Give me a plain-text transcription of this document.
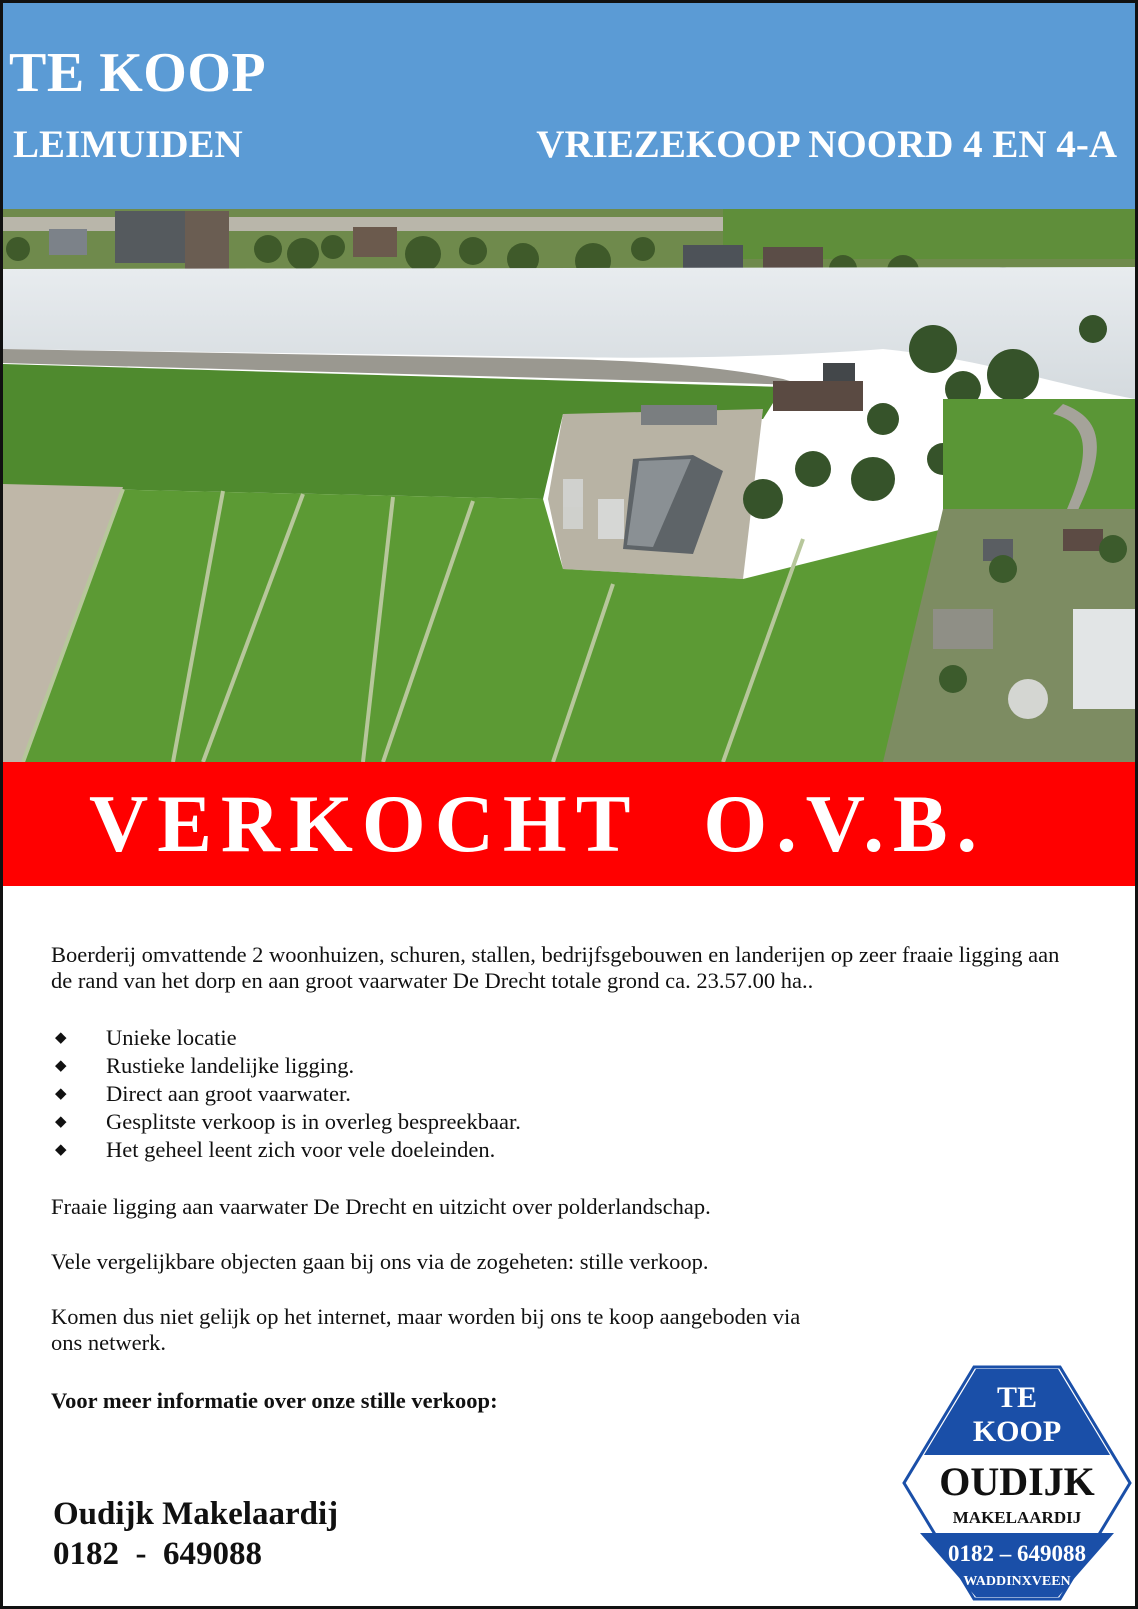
TE KOOP
LEIMUIDEN	VRIEZEKOOP NOORD 4 EN 4-A
VERKOCHT O.V.B.

Boerderij omvattende 2 woonhuizen, schuren, stallen, bedrijfsgebouwen en landerijen op zeer fraaie ligging aan de rand van het dorp en aan groot vaarwater De Drecht totale grond ca. 23.57.00 ha..

◆ Unieke locatie
◆ Rustieke landelijke ligging.
◆ Direct aan groot vaarwater.
◆ Gesplitste verkoop is in overleg bespreekbaar.
◆ Het geheel leent zich voor vele doeleinden.

Fraaie ligging aan vaarwater De Drecht en uitzicht over polderlandschap.

Vele vergelijkbare objecten gaan bij ons via de zogeheten: stille verkoop.

Komen dus niet gelijk op het internet, maar worden bij ons te koop aangeboden via ons netwerk.

Voor meer informatie over onze stille verkoop:

Oudijk Makelaardij
0182  -  649088
TE
KOOP
OUDIJK
MAKELAARDIJ
0182 – 649088
WADDINXVEEN
